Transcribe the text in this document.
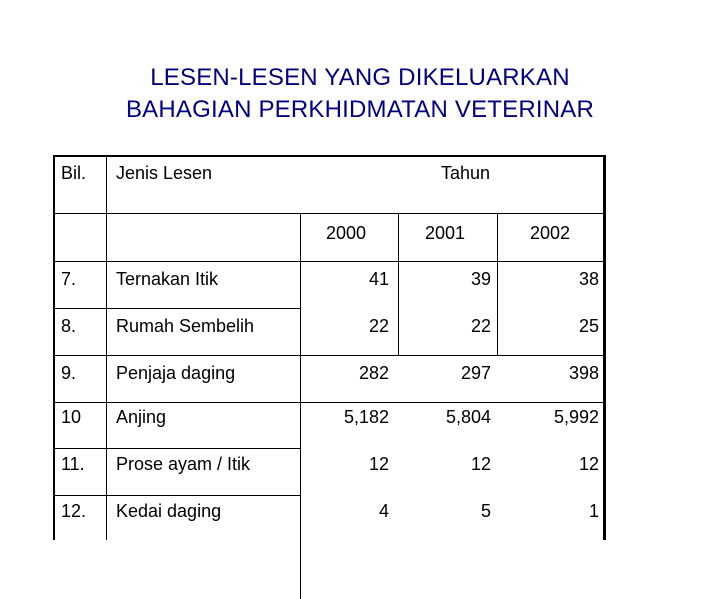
LESEN-LESEN YANG DIKELUARKAN
BAHAGIAN PERKHIDMATAN VETERINAR
Bil. Jenis Lesen	Tahun
2000	2001	2002
7. Ternakan Itik	41	39	38
8. Rumah Sembelih	22	22	25
9. Penjaja daging	282	297	398
10 Anjing	5,182	5,804	5,992
11. Prose ayam / Itik	12	12	12
12. Kedai daging	4	5	1
